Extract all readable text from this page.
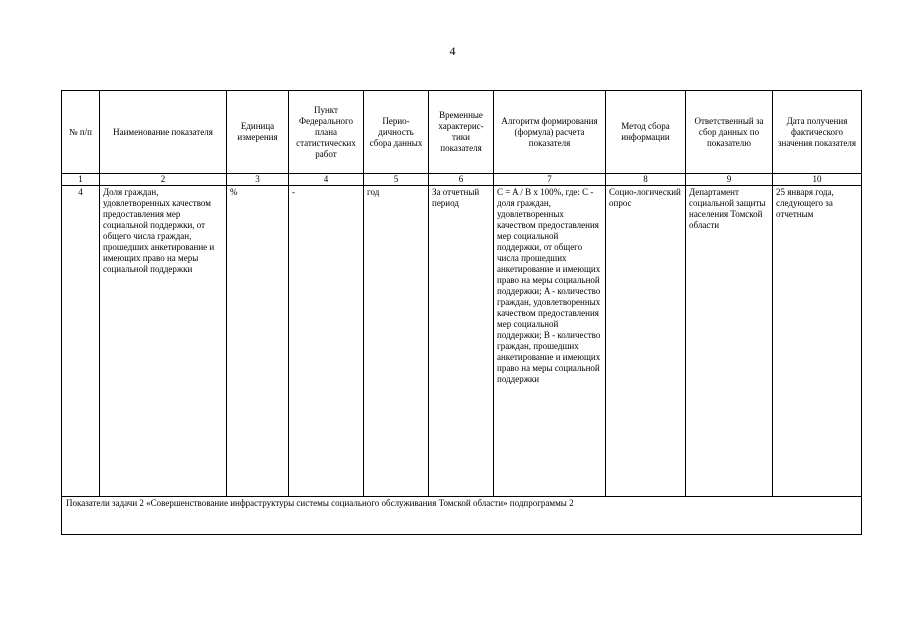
4
№ п/п	Наименование показателя	Единица измерения	Пункт Федерального плана статистических работ	Перио-дичность сбора данных	Временные характерис-тики показателя	Алгоритм формирования (формула) расчета показателя	Метод сбора информации	Ответственный за сбор данных по показателю	Дата получения фактического значения показателя
1	2	3	4	5	6	7	8	9	10
4	Доля граждан, удовлетворенных качеством предоставления мер социальной поддержки, от общего числа граждан, прошедших анкетирование и имеющих право на меры социальной поддержки	%	-	год	За отчетный период	C = A / B x 100%, где: C - доля граждан, удовлетворенных качеством предоставления мер социальной поддержки, от общего числа прошедших анкетирование и имеющих право на меры социальной поддержки; A - количество граждан, удовлетворенных качеством предоставления мер социальной поддержки; B - количество граждан, прошедших анкетирование и имеющих право на меры социальной поддержки	Социо-логический опрос	Департамент социальной защиты населения Томской области	25 января года, следующего за отчетным
Показатели задачи 2 «Совершенствование инфраструктуры системы социального обслуживания Томской области» подпрограммы 2									
